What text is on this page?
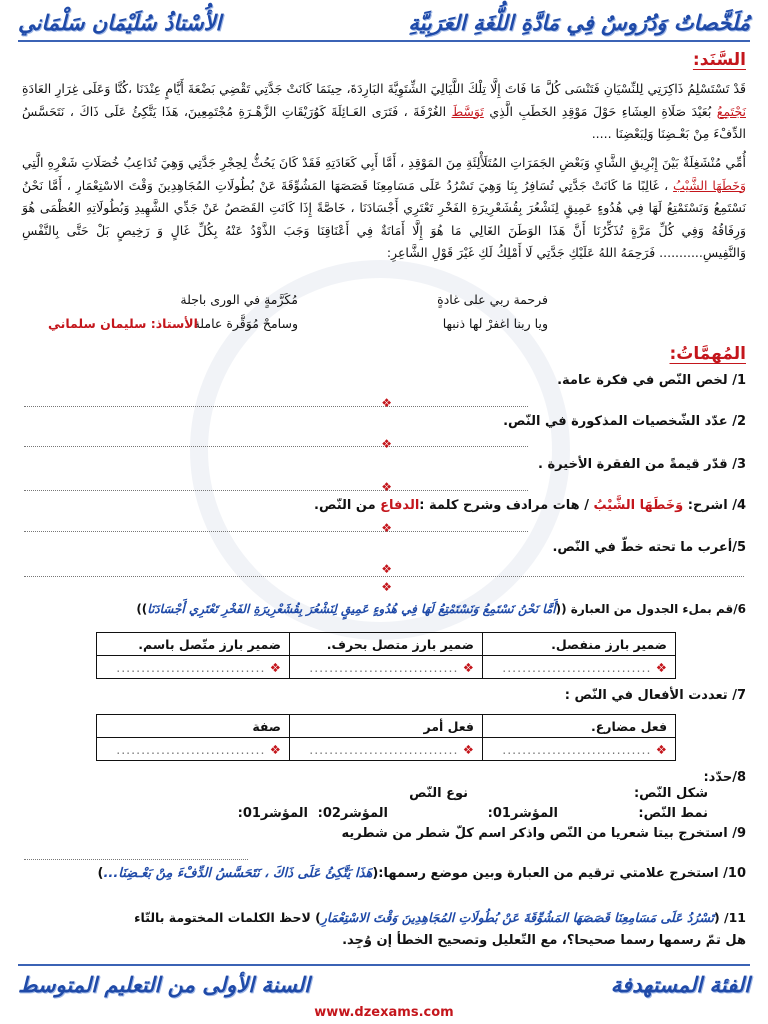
مُلَخَّصاتٌ وَدُرُوسٌ فِي مَادَّةِ اللُّغَةِ العَرَبِيَّةِ
الأُسْتاذُ سُلَيْمَان سَلْمَاني
السَّنَد:
قَدْ تَسْتَسْلِمُ ذَاكِرَتِي لِلنِّسْيَانِ فَتَنْسَى كُلَّ مَا فَاتَ إِلَّا تِلْكَ اللَّيَالِيَ الشِّتَوِيَّةَ البَارِدَةَ، حِينَمَا كَانَتْ جَدَّتِي تَقْضِي بَضْعَةَ أَيَّامٍ عِنْدَنَا ،كُنَّا وَعَلَى غِرَارِ العَادَةِ نَجْتَمِعُ بُعَيْدَ صَلَاةِ العِشَاءِ حَوْلَ مَوْقِدِ الخَطَبِ الَّذِي تَوَسَّطَ الغُرْفَةَ ، فَتَرَى العَـائِلَةَ كَوُرَيْقَاتِ الزَّهْـرَةِ مُجْتَمِعِينَ، هَذَا يَتَّكِئُ عَلَى ذَاكَ ، نَتَحَسَّسُ الدِّفْءَ مِنْ بَعْـضِنَا وَلِبَعْضِنَا .....
أُمِّي مُنْشَغِلَةٌ بَيْنَ إِبْرِيقِ الشَّايِ وَبَعْضِ الجَمَرَاتِ المُتَلَأْلِئَةِ مِنَ المَوْقِدِ ، أَمَّا أَبِي كَعَادَتِهِ فَقَدْ كَانَ يَحُثُّ لِحِجْرِ جَدَّتِي وَهِيَ تُدَاعِبُ خُصَلَاتِ شَعْرِهِ الَّتِي وَخَطَهَا الشَّيْبُ ، غَالِبًا مَا كَانَتْ جَدَّتِي تُسَافِرُ بِنَا وَهِيَ تَسْرُدُ عَلَى مَسَامِعِنَا قَصَصَهَا المَشُوِّقَةَ عَنْ بُطُولَاتِ المُجَاهِدِينَ وَقْتَ الاسْتِعْمَارِ ، أَمَّا نَحْنُ نَسْتَمِعُ وَنَسْتَمْتِعُ لَهَا فِي هُدُوءٍ عَمِيقٍ لِنَشْعُرَ بِقُشَعْرِيرَةِ الفَخْرِ تَعْتَرِي أَجْسَادَنَا ، خَاصَّةً إِذَا كَانَتِ القَصَصُ عَنْ جَدِّي الشَّهِيدِ وَبُطُولَاتِهِ العُظْمَى هُوَ وَرِفَاقُهُ وَفِي كُلِّ مَرَّةٍ تُذَكِّرُنَا أَنَّ هَذَا الوَطَنَ الغَالِي مَا هُوَ إِلَّا أَمَانَةٌ فِي أَعْنَاقِنَا وَجَبَ الذَّوْدُ عَنْهُ بِكُلِّ غَالٍ وَ رَخِيصٍ بَلْ حَتَّى بِالنَّفْسِ وَالنَّفِيسِ........... فَرَحِمَهُ اللهُ عَلَيْكِ جَدَّتِي لَا أَمْلِكُ لَكِ غَيْرَ قَوْلِ الشَّاعِرِ:
فرحمة ربي على غادةٍ
مُكَرَّمةٍ في الورى باجلة
ويا ربنا اغفرْ لها ذنبها
وسامحْ مُوَقَّرة عاملة
الأستاذ: سليمان سلماني
المُهمَّاتُ:
1/ لخص النّص في فكرة عامة.
❖
2/ عدّد الشّخصيات المذكورة في النّص.
❖
3/ قدّر قيمةً من الفقرة الأخيرة .
❖
4/ اشرح: وَخَطَهَا الشَّيْبُ / هات مرادف وشرح كلمة :الدفاع من النّص.
❖
5/أعرب ما تحته خطّ في النّص.
❖
❖
6/قم بملء الجدول من العبارة ((أَمَّا نَحْنُ نَسْتَمِعُ وَنَسْتَمْتِعُ لَهَا فِي هُدُوءٍ عَمِيقٍ لِنَشْعُرَ بِقُشَعْرِيرَةِ الفَخْرِ تَعْتَرِي أَجْسَادَنَا))
ضمير بارز منفصل.	ضمير بارز متصل بحرف.	ضمير بارز متّصل باسم.
❖ ..............................	❖ ..............................	❖ ..............................
7/ تعددت الأفعال في النّص :
فعل مضارع.	فعل أمر	صفة
❖ ..............................	❖ ..............................	❖ ..............................
8/حدّد:
شكل النّص:
نوع النّص
نمط النّص:
المؤشر01:
المؤشر02:
المؤشر01:
9/ استخرج بيتا شعريا من النّص واذكر اسم كلّ شطر من شطريه
10/ استخرج علامتي ترقيم من العبارة وبين موضع رسمها:(هَذَا يَتَّكِئُ عَلَى ذَاكَ ، نَتَحَسَّسُ الدِّفْءَ مِنْ بَعْـضِنَا...)
11/ (تَسْرُدُ عَلَى مَسَامِعِنَا قَصَصَهَا المَشُوِّقَةَ عَنْ بُطُولَاتِ المُجَاهِدِينَ وَقْتَ الاسْتِعْمَارِ) لاحظ الكلمات المختومة بالتّاء
هل تمّ رسمها رسما صحيحا؟، مع التّعليل وتصحيح الخطأ إن وُجِد.
الفئة المستهدفة
السنة الأولى من التعليم المتوسط
www.dzexams.com
